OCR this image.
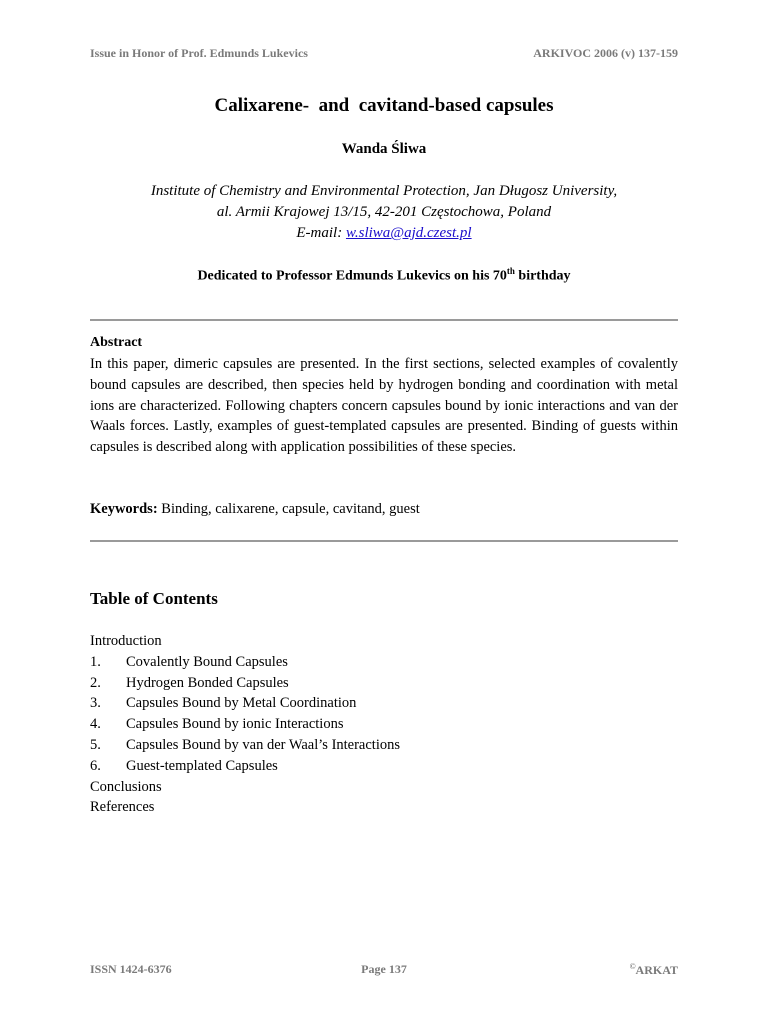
Issue in Honor of Prof. Edmunds Lukevics	ARKIVOC 2006 (v) 137-159
Calixarene-  and  cavitand-based capsules
Wanda Śliwa
Institute of Chemistry and Environmental Protection, Jan Długosz University,
al. Armii Krajowej 13/15, 42-201 Częstochowa, Poland
E-mail: w.sliwa@ajd.czest.pl
Dedicated to Professor Edmunds Lukevics on his 70th birthday
Abstract
In this paper, dimeric capsules are presented. In the first sections, selected examples of covalently bound capsules are described, then species held by hydrogen bonding and coordination with metal ions are characterized. Following chapters concern capsules bound by ionic interactions and van der Waals forces. Lastly, examples of guest-templated capsules are presented. Binding of guests within capsules is described along with application possibilities of these species.
Keywords: Binding, calixarene, capsule, cavitand, guest
Table of Contents
Introduction
1. Covalently Bound Capsules
2. Hydrogen Bonded Capsules
3. Capsules Bound by Metal Coordination
4. Capsules Bound by ionic Interactions
5. Capsules Bound by van der Waal’s Interactions
6. Guest-templated Capsules
Conclusions
References
ISSN 1424-6376	Page 137	©ARKAT
